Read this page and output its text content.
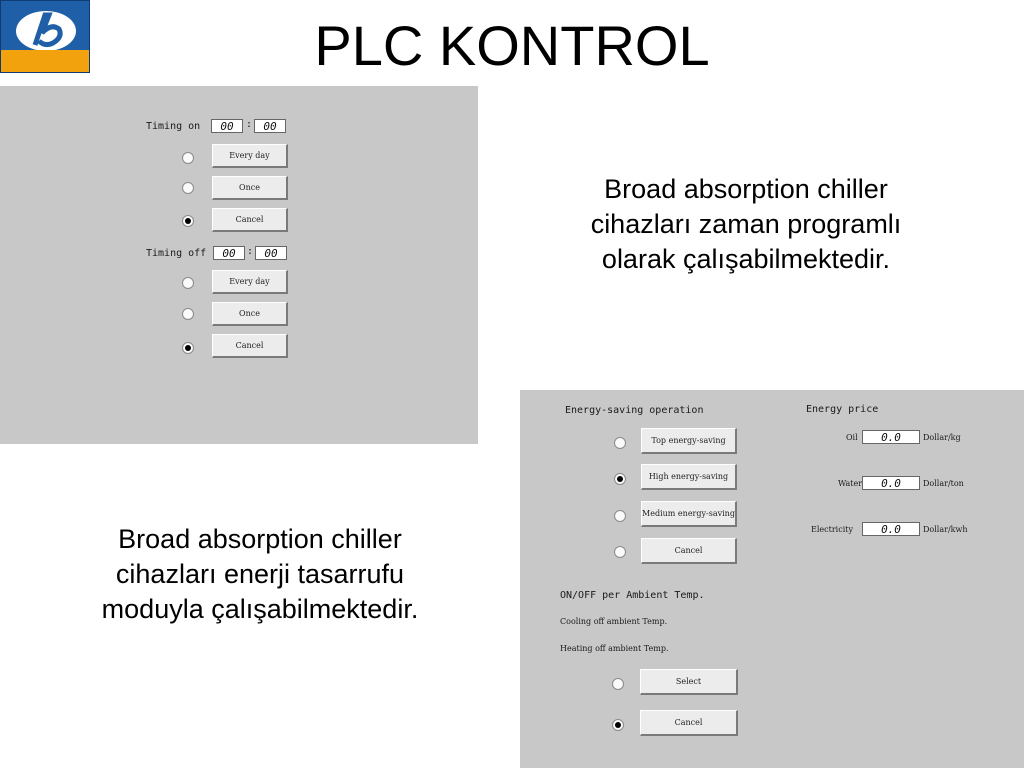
PLC KONTROL
Timing on	00	:	00
Every day
Once
Cancel
Timing off	00	:	00
Every day
Once
Cancel
Broad absorption chiller
cihazları zaman programlı
olarak çalışabilmektedir.
Broad absorption chiller
cihazları enerji tasarrufu
moduyla çalışabilmektedir.
Energy-saving operation
Top energy-saving
High energy-saving
Medium energy-saving
Cancel
Energy price
Oil	0.0	Dollar/kg
Water	0.0	Dollar/ton
Electricity	0.0	Dollar/kwh
ON/OFF per Ambient Temp.
Cooling off ambient Temp.
Heating off ambient Temp.
Select
Cancel
